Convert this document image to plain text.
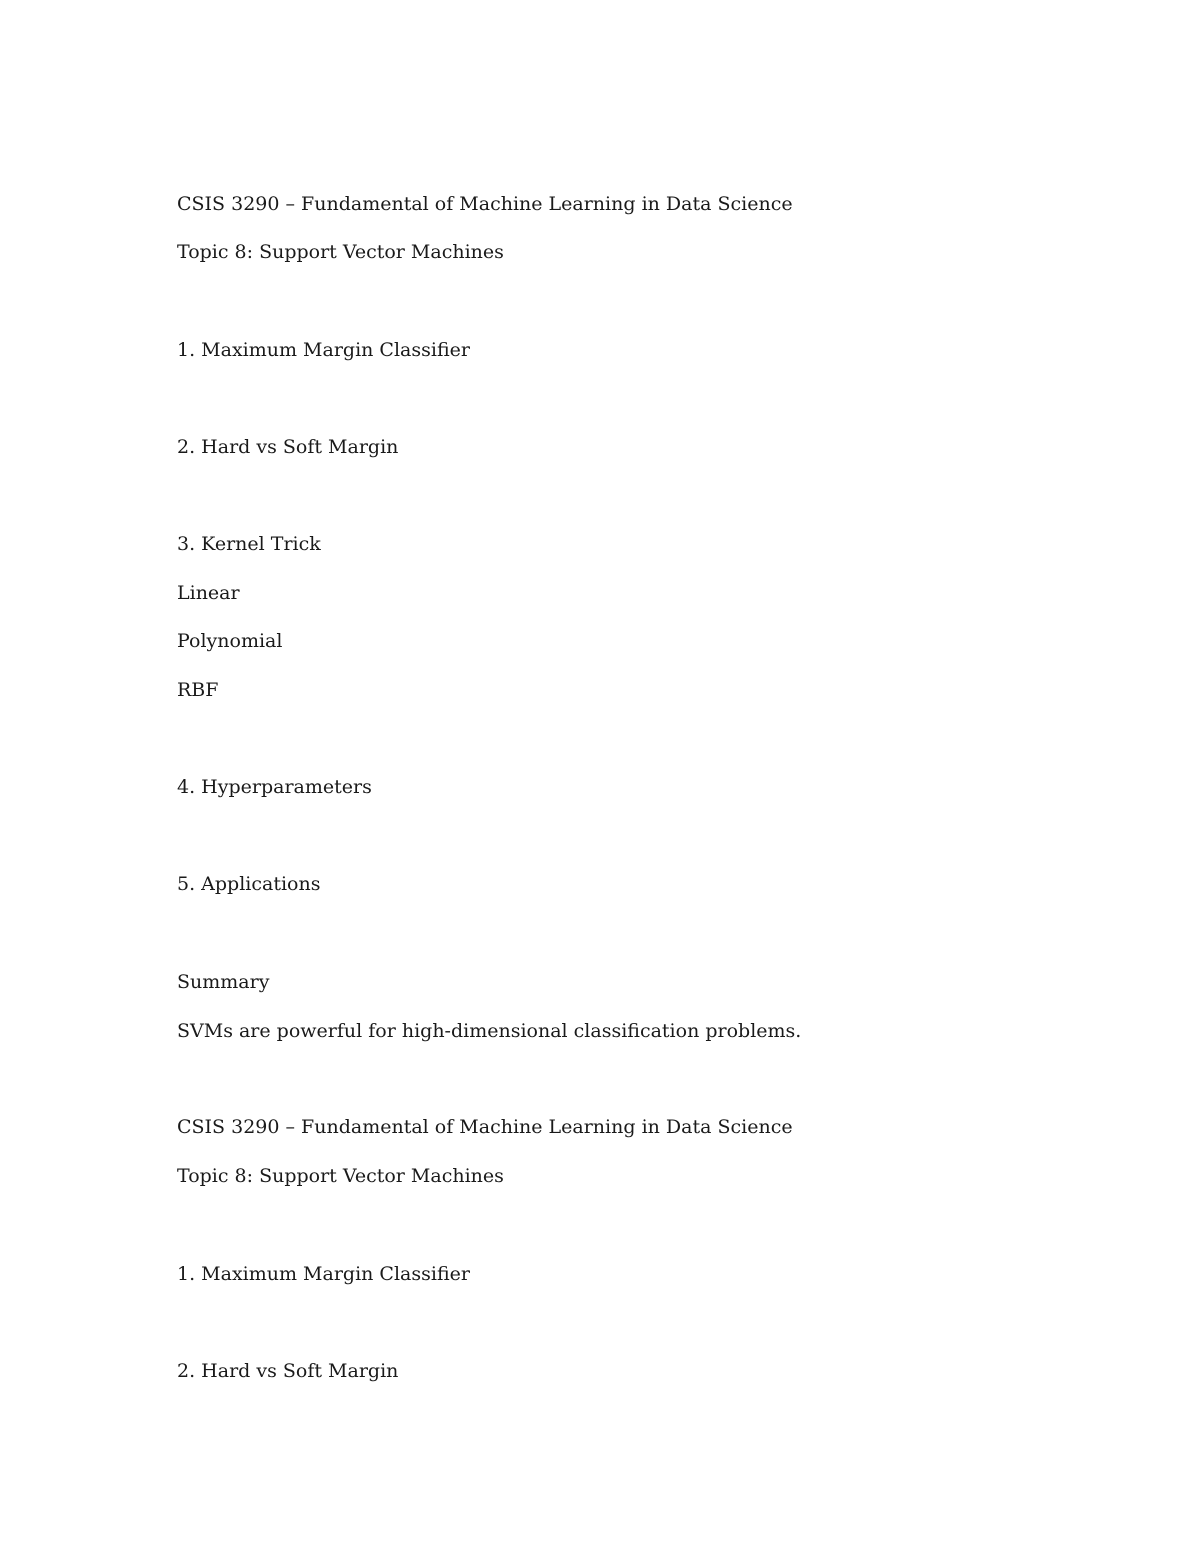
CSIS 3290 – Fundamental of Machine Learning in Data Science
Topic 8: Support Vector Machines
1. Maximum Margin Classifier
2. Hard vs Soft Margin
3. Kernel Trick
Linear
Polynomial
RBF
4. Hyperparameters
5. Applications
Summary
SVMs are powerful for high-dimensional classification problems.
CSIS 3290 – Fundamental of Machine Learning in Data Science
Topic 8: Support Vector Machines
1. Maximum Margin Classifier
2. Hard vs Soft Margin
